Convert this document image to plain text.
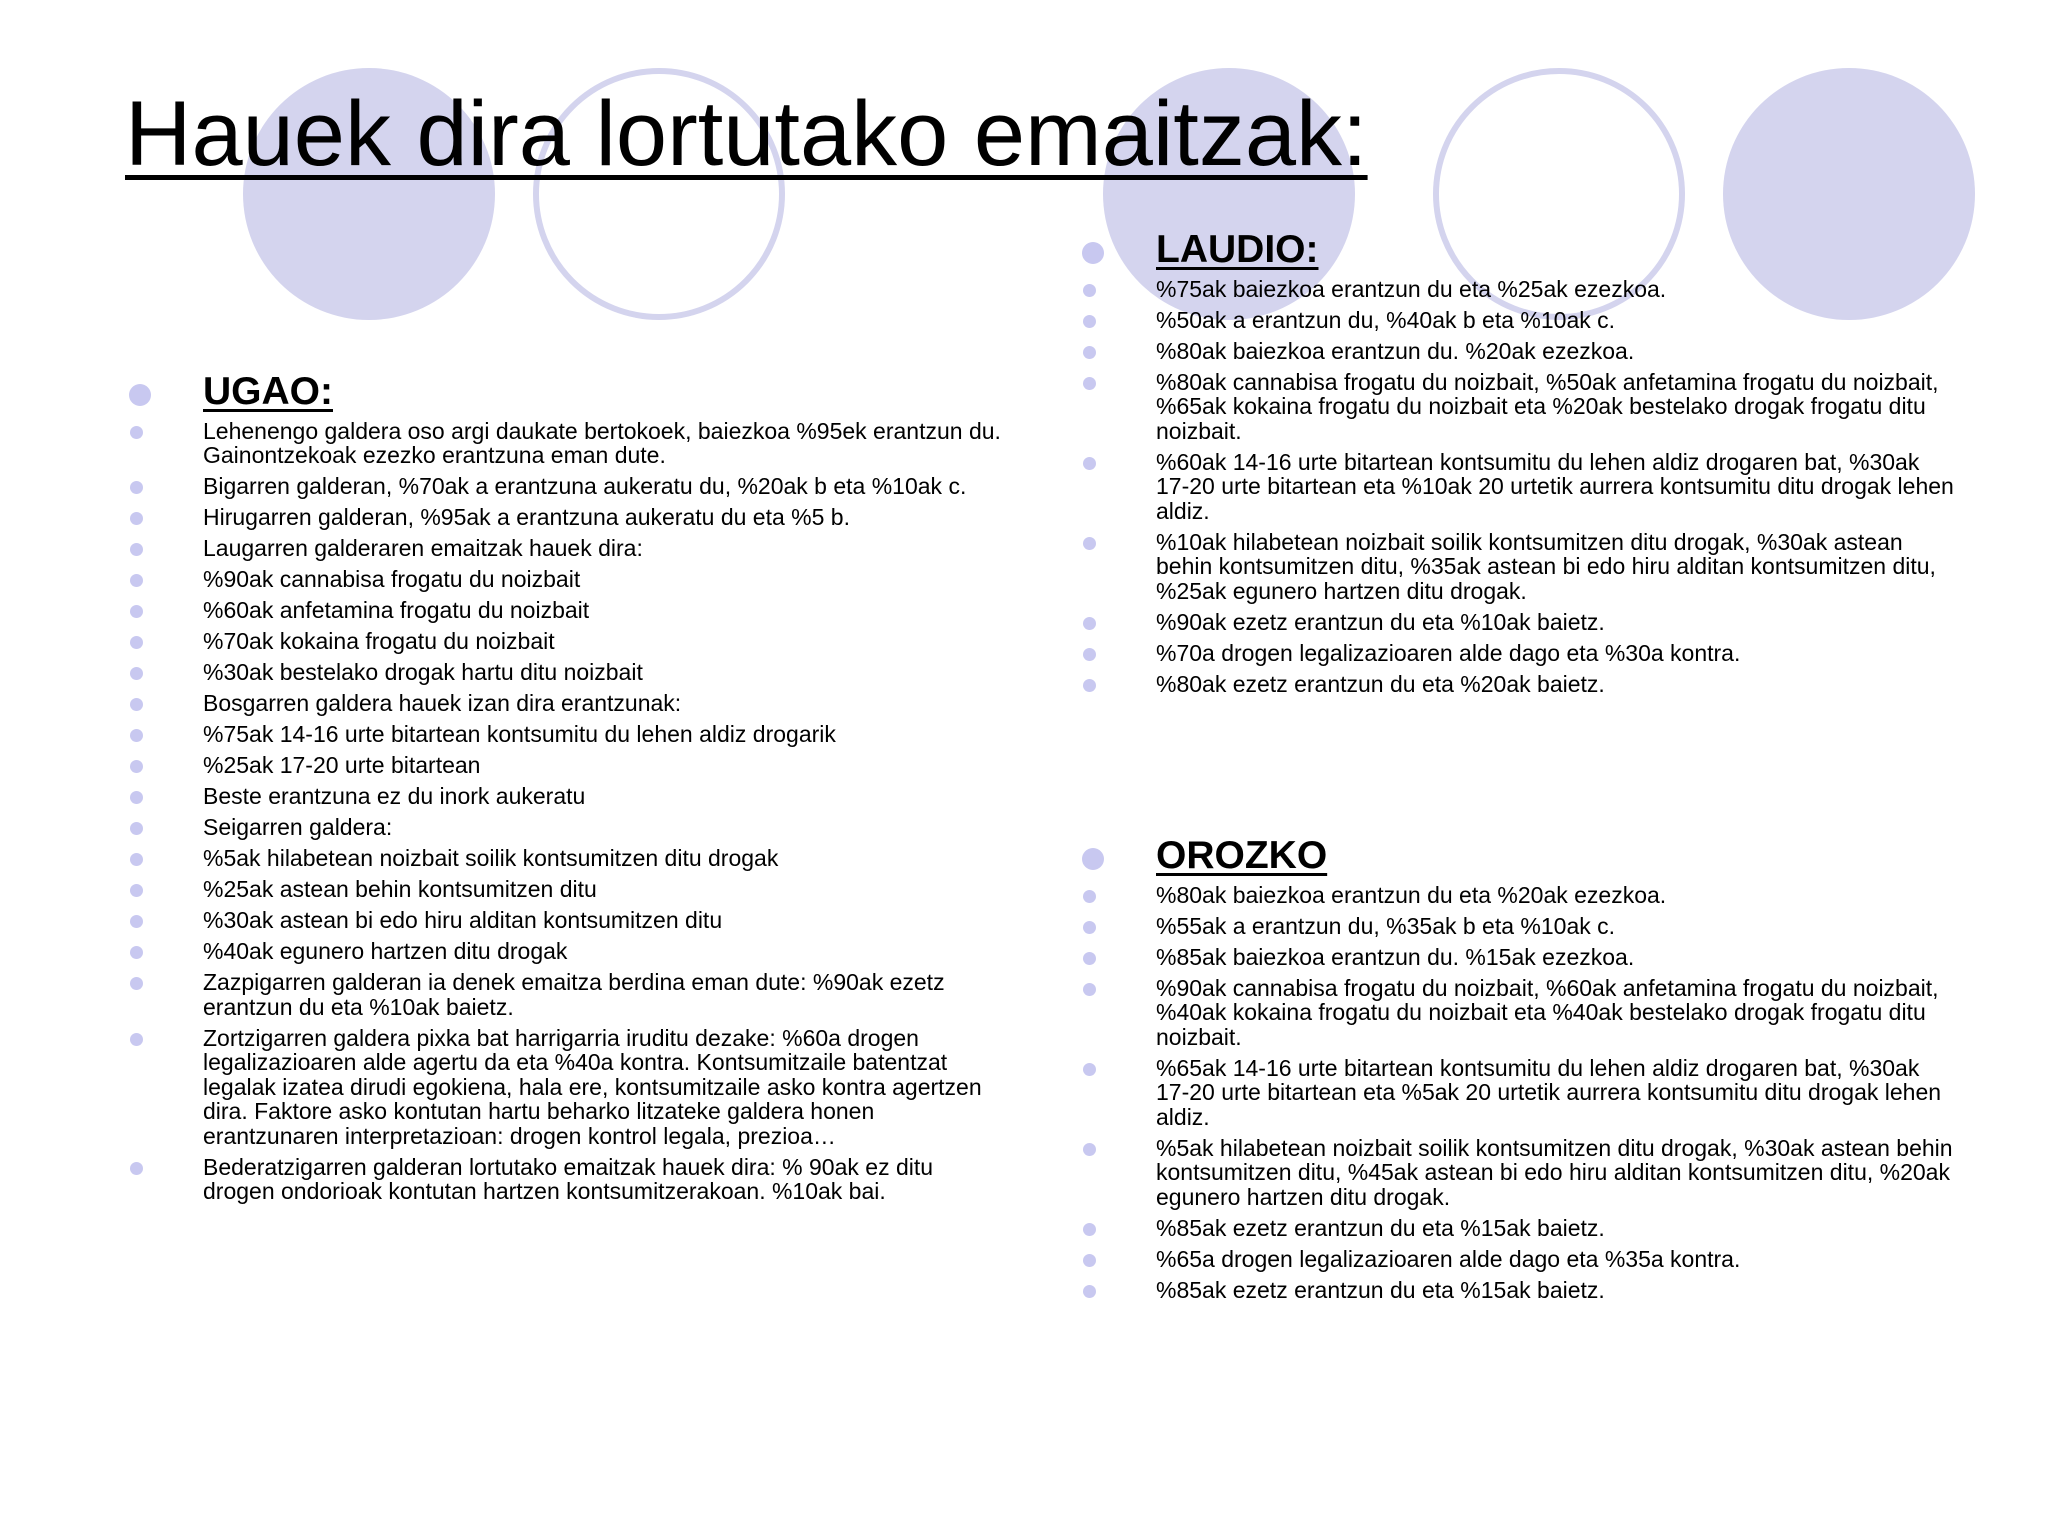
Hauek dira lortutako emaitzak:
UGAO:
Lehenengo galdera oso argi daukate bertokoek, baiezkoa %95ek erantzun du. Gainontzekoak ezezko erantzuna eman dute.
Bigarren galderan, %70ak a erantzuna aukeratu du, %20ak b eta %10ak c.
Hirugarren galderan, %95ak a erantzuna aukeratu du eta %5 b.
Laugarren galderaren emaitzak hauek dira:
%90ak cannabisa frogatu du noizbait
%60ak anfetamina frogatu du noizbait
%70ak kokaina frogatu du noizbait
%30ak bestelako drogak hartu ditu noizbait
Bosgarren galdera hauek izan dira erantzunak:
%75ak 14-16 urte bitartean kontsumitu du lehen aldiz drogarik
%25ak 17-20 urte bitartean
Beste erantzuna ez du inork aukeratu
Seigarren galdera:
%5ak hilabetean noizbait soilik kontsumitzen ditu drogak
%25ak astean behin kontsumitzen ditu
%30ak astean bi edo hiru alditan kontsumitzen ditu
%40ak egunero hartzen ditu drogak
Zazpigarren galderan ia denek emaitza berdina eman dute: %90ak ezetz erantzun du eta %10ak baietz.
Zortzigarren galdera pixka bat harrigarria iruditu dezake: %60a drogen legalizazioaren alde agertu da eta %40a kontra. Kontsumitzaile batentzat legalak izatea dirudi egokiena, hala ere, kontsumitzaile asko kontra agertzen dira. Faktore asko kontutan hartu beharko litzateke galdera honen erantzunaren interpretazioan: drogen kontrol legala, prezioa…
Bederatzigarren galderan lortutako emaitzak hauek dira: % 90ak ez ditu drogen ondorioak kontutan hartzen kontsumitzerakoan. %10ak bai.
LAUDIO:
%75ak baiezkoa erantzun du eta %25ak ezezkoa.
%50ak a erantzun du, %40ak b eta %10ak c.
%80ak baiezkoa erantzun du. %20ak ezezkoa.
%80ak cannabisa frogatu du noizbait, %50ak anfetamina frogatu du noizbait, %65ak kokaina frogatu du noizbait eta %20ak bestelako drogak frogatu ditu noizbait.
%60ak 14-16 urte bitartean kontsumitu du lehen aldiz drogaren bat, %30ak 17-20 urte bitartean eta %10ak 20 urtetik aurrera kontsumitu ditu drogak lehen aldiz.
%10ak hilabetean noizbait soilik kontsumitzen ditu drogak, %30ak astean behin kontsumitzen ditu, %35ak astean bi edo hiru alditan kontsumitzen ditu, %25ak egunero hartzen ditu drogak.
%90ak ezetz erantzun du eta %10ak baietz.
%70a drogen legalizazioaren alde dago eta %30a kontra.
%80ak ezetz erantzun du eta %20ak baietz.
OROZKO
%80ak baiezkoa erantzun du eta %20ak ezezkoa.
%55ak a erantzun du, %35ak b eta %10ak c.
%85ak baiezkoa erantzun du. %15ak ezezkoa.
%90ak cannabisa frogatu du noizbait, %60ak anfetamina frogatu du noizbait, %40ak kokaina frogatu du noizbait eta %40ak bestelako drogak frogatu ditu noizbait.
%65ak 14-16 urte bitartean kontsumitu du lehen aldiz drogaren bat, %30ak 17-20 urte bitartean eta %5ak 20 urtetik aurrera kontsumitu ditu drogak lehen aldiz.
%5ak hilabetean noizbait soilik kontsumitzen ditu drogak, %30ak astean behin kontsumitzen ditu, %45ak astean bi edo hiru alditan kontsumitzen ditu, %20ak egunero hartzen ditu drogak.
%85ak ezetz erantzun du eta %15ak baietz.
%65a drogen legalizazioaren alde dago eta %35a kontra.
%85ak ezetz erantzun du eta %15ak baietz.
